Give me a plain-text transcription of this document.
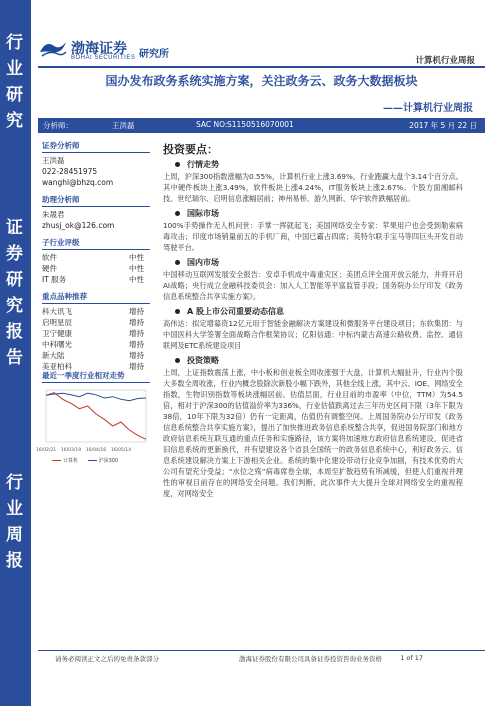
行
业
研
究
证
券
研
究
报
告
行
业
周
报
渤海证券
BOHAI SECURITIES 研究所
计算机行业周报
国办发布政务系统实施方案，关注政务云、政务大数据板块
——计算机行业周报
分析师：	王洪磊	SAC NO: S1150516070001	2017 年 5 月 22 日
证券分析师
王洪磊
022-28451975
wanghl@bhzq.com
助理分析师
朱晟君
zhusj_ok@126.com
子行业评级
软件	中性
硬件	中性
IT 服务	中性
重点品种推荐
科大讯飞	增持
启明星辰	增持
卫宁健康	增持
中科曙光	增持
新大陆	增持
美亚柏科	增持
最近一季度行业相对走势
16/02/21 16/03/19 16/04/16 16/05/14
计算机	沪深300
投资要点：
行情走势
上周，沪深300指数涨幅为0.55%，计算机行业上涨3.69%，行业跑赢大盘个3.14个百分点。其中硬件板块上涨3.49%，软件板块上涨4.24%，IT服务板块上涨2.67%。个股方面湘邮科技、世纪瑞尔、启明信息涨幅居前；神州易桥、游久网新、华宇软件跌幅居前。
国际市场
100%手势操作无人机问世：手掌一挥就起飞；美国网络安全专家：苹果用户也会受到勒索病毒攻击；印度市场销量前五的手机厂商，中国已霸占四席；英特尔联手宝马等四巨头开发自动驾驶平台。
国内市场
中国移动互联网发展安全报告：安卓手机成中毒重灾区；美团点评全面开放云能力，并将开启AI战略；央行成立金融科技委员会：加入人工智能等平富监管手段；国务院办公厅印发《政务信息系统整合共享实施方案》。
A 股上市公司重要动态信息
高伟达：拟定增募资12亿元用于智能金融解决方案建设和微服务平台建设项目；东软集团：与中国医科大学签署全面战略合作框架协议；亿阳信通：中标内蒙古高速公路收费、监控、通信联网及ETC系统建设项目
投资策略
上周，上证指数震荡上涨，中小板和创业板全周收涨强于大盘，计算机大幅扯升，行业内个股大多数全周收涨，行业内概念股除次新股小幅下跌外，其他全线上涨，其中云、IOE、网络安全指数，生物识别指数等板块涨幅居前。估值层面，行业目前的市盈率（中位，TTM）为54.5倍，相对于沪深300的估值溢价率为336%，行业估值跌离过去三年历史区间下限（3年下限为38倍，10年下限为32倍）仍有一定距离，估值仍有调整空间。上周国务院办公厅印发《政务信息系统整合共享实施方案》，提出了加快推进政务信息系统整合共享，促进国务院部门和地方政府信息系统互联互通的重点任务和实施路径，该方案将加速地方政府信息系统建设，促进省旧信息系统的更新换代，并有望建设各个省县全国统一的政务信息系统中心，利好政务云、信息系统建设解决方案上下游相关企业。系统的集中化建设带动行业竞争加剧，有技术优势的大公司有望充分受益；“水位之殇”病毒席卷全球，本周至扩散趋势有所减缓，但使人们重视并理性的审视目前存在的网络安全问题。我们判断，此次事件大大提升全球对网络安全的重视程度，对网络安全
请务必阅读正文之后的免责条款部分	渤海证券股份有限公司具备证券投资咨询业务资格	1 of 17
